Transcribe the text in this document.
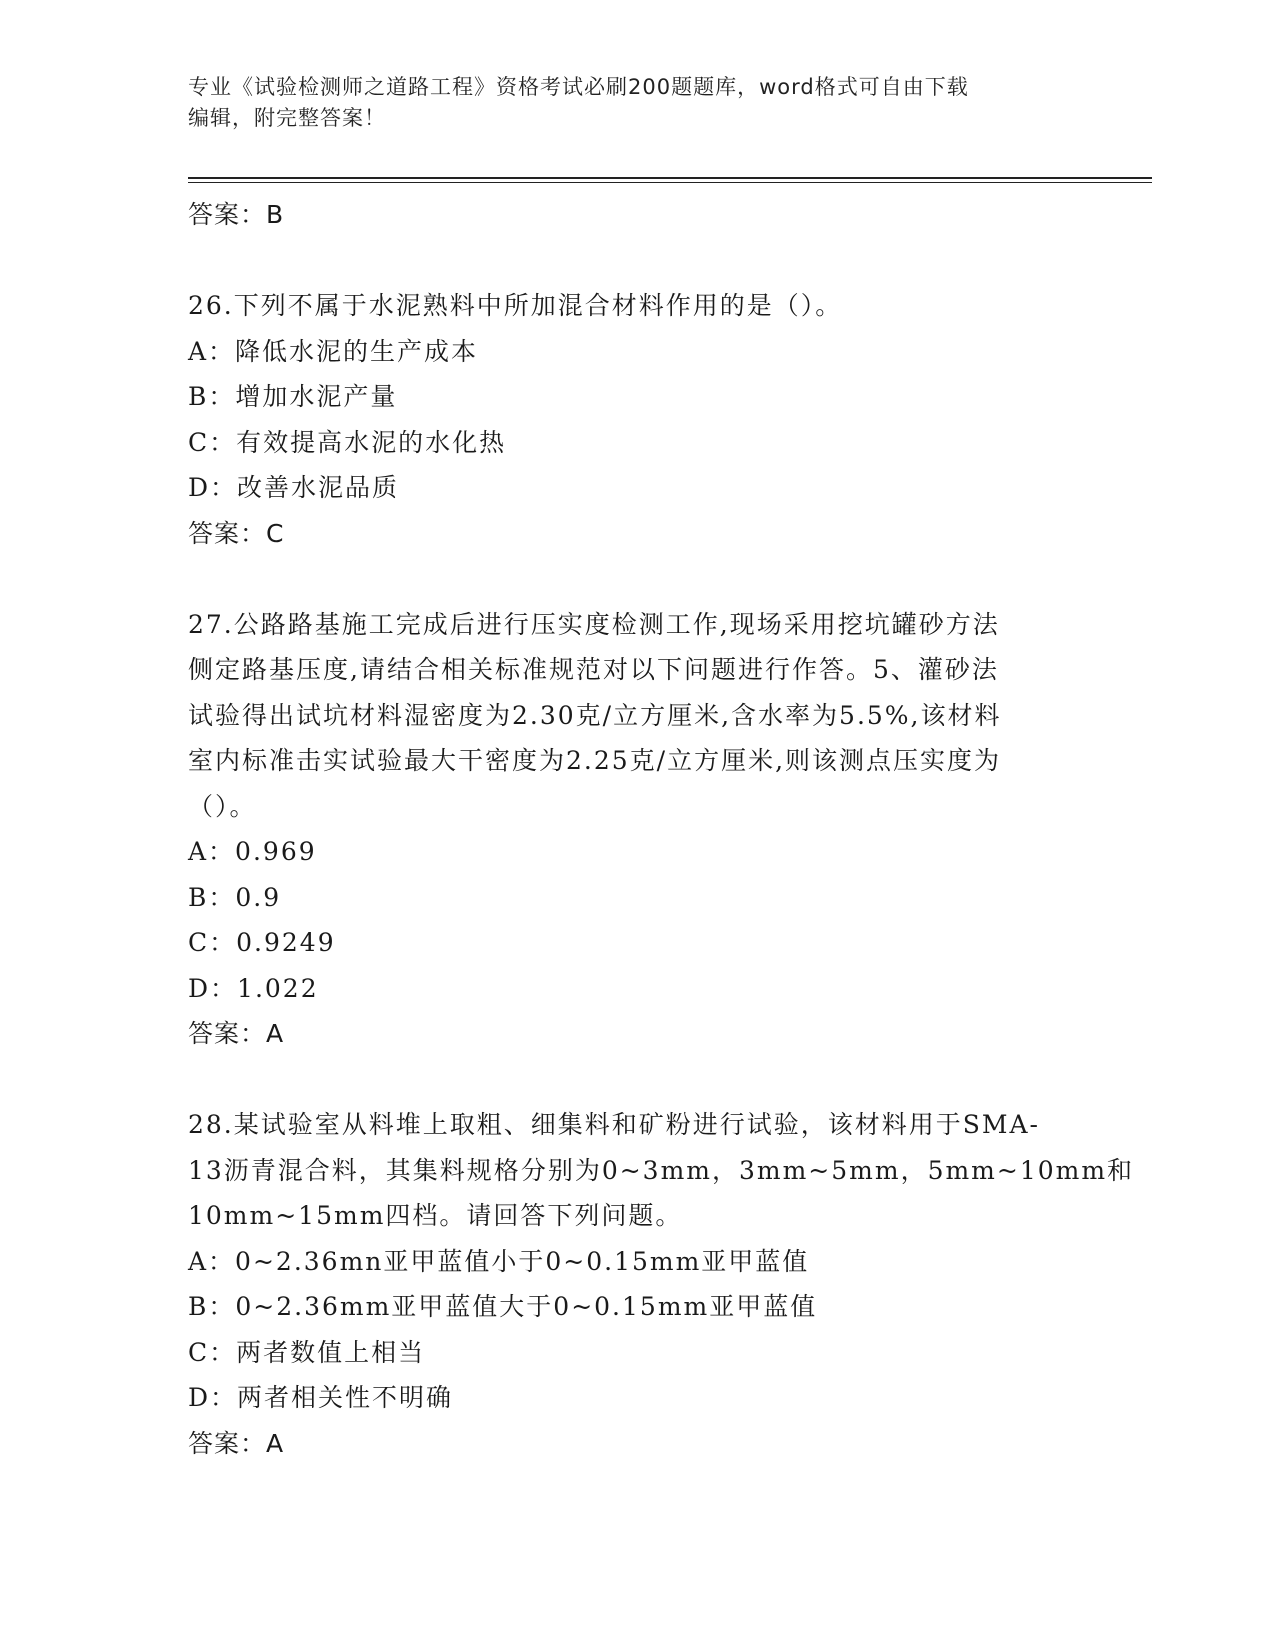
专业《试验检测师之道路工程》资格考试必刷200题题库，word格式可自由下载
编辑，附完整答案！
答案：B
26.下列不属于水泥熟料中所加混合材料作用的是（）。
A：降低水泥的生产成本
B：增加水泥产量
C：有效提高水泥的水化热
D：改善水泥品质
答案：C
27.公路路基施工完成后进行压实度检测工作,现场采用挖坑罐砂方法
侧定路基压度,请结合相关标准规范对以下问题进行作答。5、灌砂法
试验得出试坑材料湿密度为2.30克/立方厘米,含水率为5.5%,该材料
室内标准击实试验最大干密度为2.25克/立方厘米,则该测点压实度为
（）。
A：0.969
B：0.9
C：0.9249
D：1.022
答案：A
28.某试验室从料堆上取粗、细集料和矿粉进行试验，该材料用于SMA-
13沥青混合料，其集料规格分别为0~3mm，3mm~5mm，5mm~10mm和
10mm~15mm四档。请回答下列问题。
A：0~2.36mn亚甲蓝值小于0~0.15mm亚甲蓝值
B：0~2.36mm亚甲蓝值大于0~0.15mm亚甲蓝值
C：两者数值上相当
D：两者相关性不明确
答案：A
